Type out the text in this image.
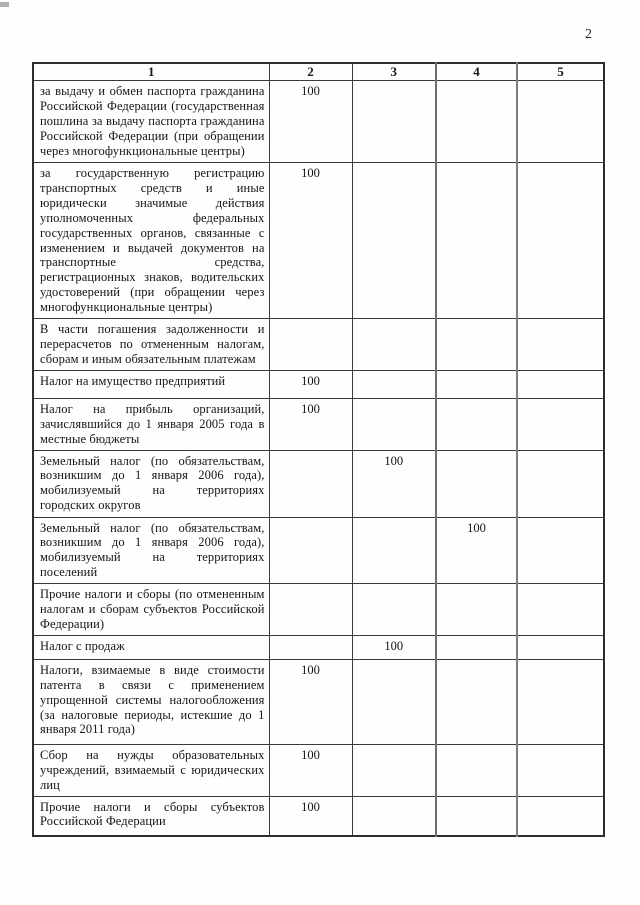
2
1	2	3	4	5
за выдачу и обмен паспорта гражданина Российской Федерации (государственная пошлина за выдачу паспорта гражданина Российской Федерации (при обращении через многофункциональные центры)	100			
за государственную регистрацию транспортных средств и иные юридически значимые действия уполномоченных федеральных государственных органов, связанные с изменением и выдачей документов на транспортные средства, регистрационных знаков, водительских удостоверений (при обращении через многофункциональные центры)	100			
В части погашения задолженности и перерасчетов по отмененным налогам, сборам и иным обязательным платежам				
Налог на имущество предприятий	100			
Налог на прибыль организаций, зачислявшийся до 1 января 2005 года в местные бюджеты	100			
Земельный налог (по обязательствам, возникшим до 1 января 2006 года), мобилизуемый на территориях городских округов		100		
Земельный налог (по обязательствам, возникшим до 1 января 2006 года), мобилизуемый на территориях поселений			100	
Прочие налоги и сборы (по отмененным налогам и сборам субъектов Российской Федерации)				
Налог с продаж		100		
Налоги, взимаемые в виде стоимости патента в связи с применением упрощенной системы налогообложения (за налоговые периоды, истекшие до 1 января 2011 года)	100			
Сбор на нужды образовательных учреждений, взимаемый с юридических лиц	100			
Прочие налоги и сборы субъектов Российской Федерации	100			
